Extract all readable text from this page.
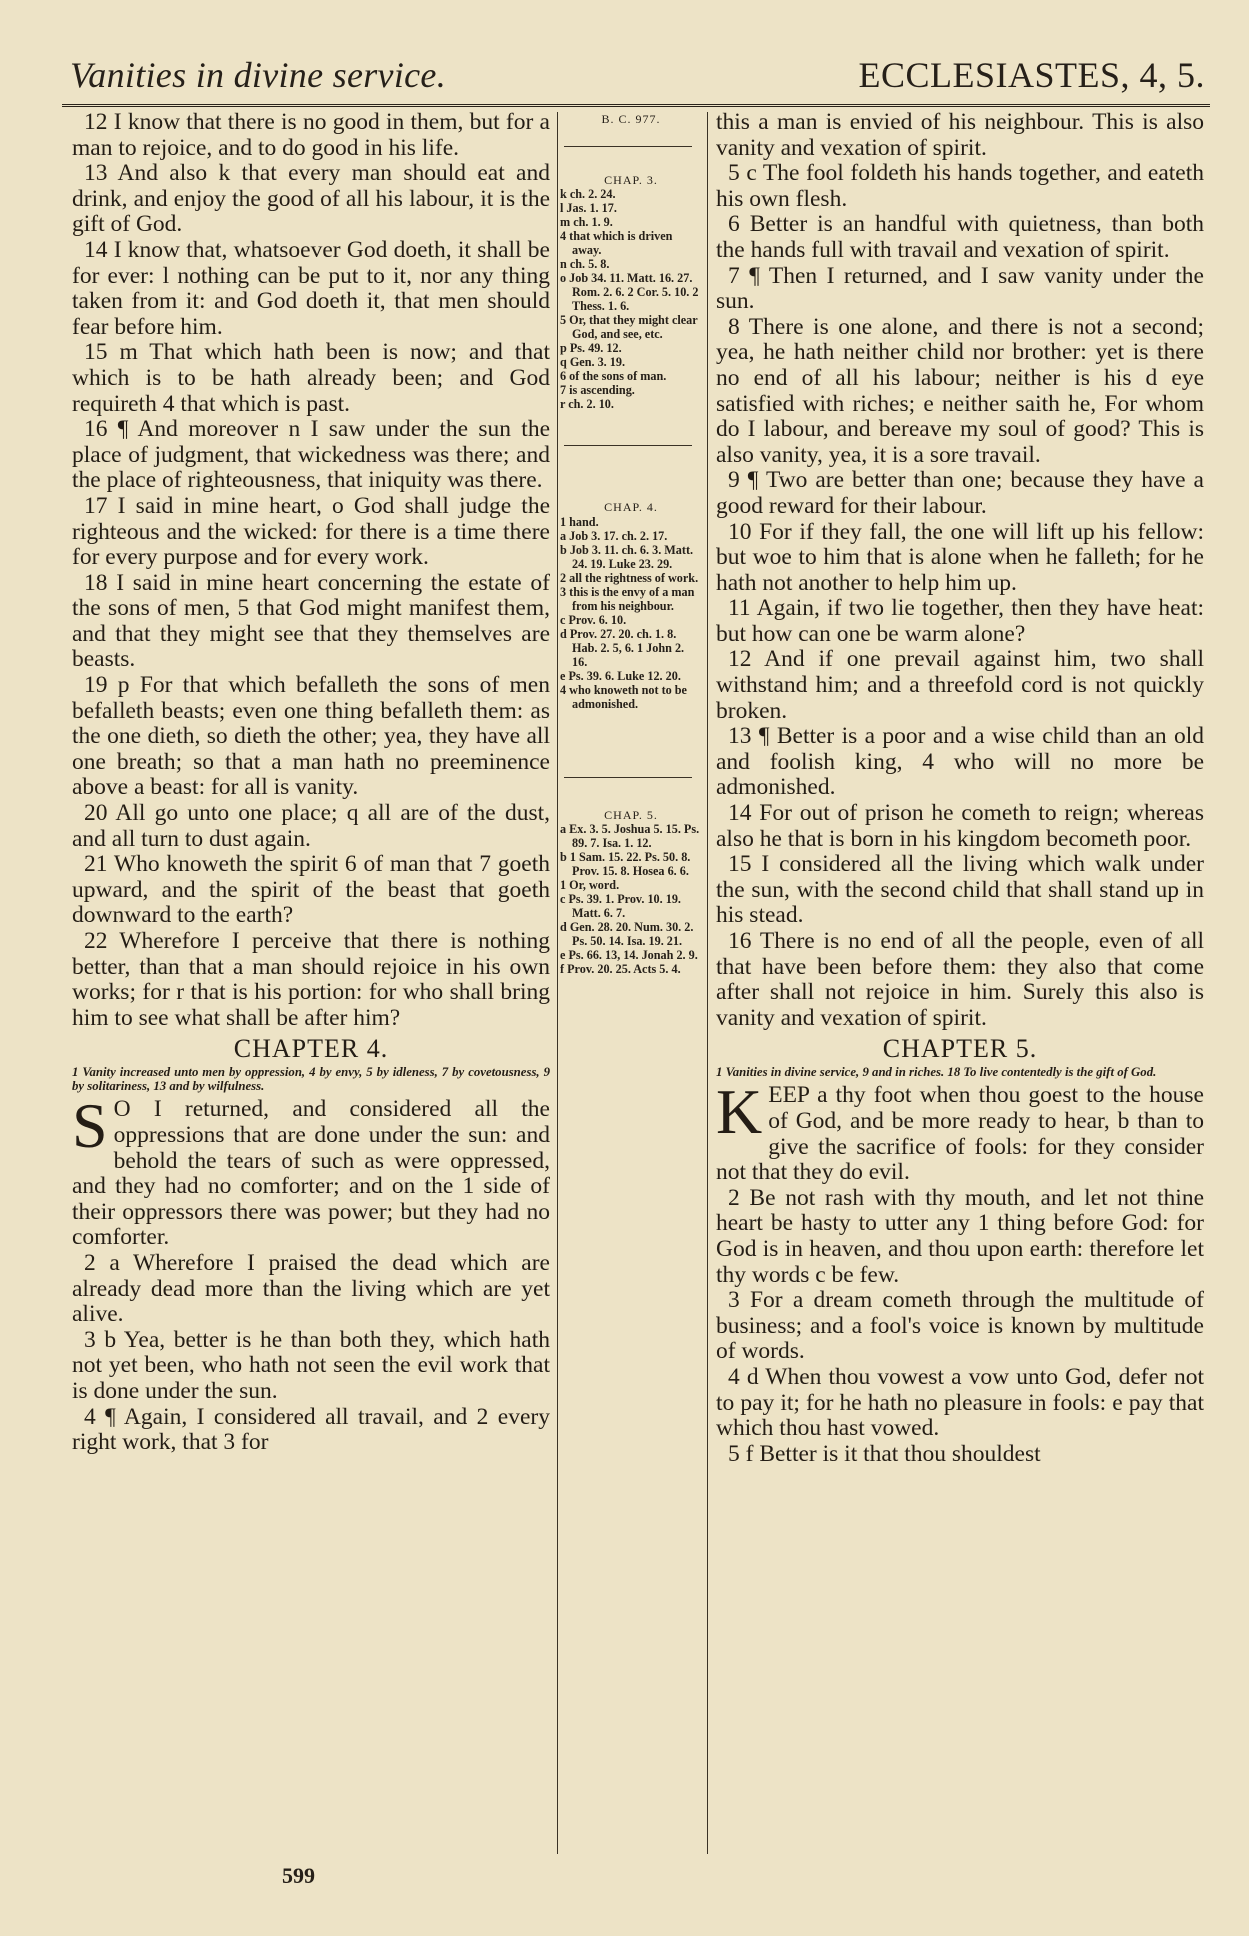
Vanities in divine service.	ECCLESIASTES, 4, 5.

12 I know that there is no good in them, but for a man to rejoice, and to do good in his life.

13 And also k that every man should eat and drink, and enjoy the good of all his labour, it is the gift of God.

14 I know that, whatsoever God doeth, it shall be for ever: l nothing can be put to it, nor any thing taken from it: and God doeth it, that men should fear before him.

15 m That which hath been is now; and that which is to be hath already been; and God requireth 4 that which is past.

16 ¶ And moreover n I saw under the sun the place of judgment, that wickedness was there; and the place of righteousness, that iniquity was there.

17 I said in mine heart, o God shall judge the righteous and the wicked: for there is a time there for every purpose and for every work.

18 I said in mine heart concerning the estate of the sons of men, 5 that God might manifest them, and that they might see that they themselves are beasts.

19 p For that which befalleth the sons of men befalleth beasts; even one thing befalleth them: as the one dieth, so dieth the other; yea, they have all one breath; so that a man hath no preeminence above a beast: for all is vanity.

20 All go unto one place; q all are of the dust, and all turn to dust again.

21 Who knoweth the spirit 6 of man that 7 goeth upward, and the spirit of the beast that goeth downward to the earth?

22 Wherefore I perceive that there is nothing better, than that a man should rejoice in his own works; for r that is his portion: for who shall bring him to see what shall be after him?

CHAPTER 4.

1 Vanity increased unto men by oppression, 4 by envy, 5 by idleness, 7 by covetousness, 9 by solitariness, 13 and by wilfulness.

S O I returned, and considered all the oppressions that are done under the sun: and behold the tears of such as were oppressed, and they had no comforter; and on the 1 side of their oppressors there was power; but they had no comforter.

2 a Wherefore I praised the dead which are already dead more than the living which are yet alive.

3 b Yea, better is he than both they, which hath not yet been, who hath not seen the evil work that is done under the sun.

4 ¶ Again, I considered all travail, and 2 every right work, that 3 for

B. C. 977.
CHAP. 3.

k ch. 2. 24.

l Jas. 1. 17.

m ch. 1. 9.

4 that which is driven away.

n ch. 5. 8.

o Job 34. 11. Matt. 16. 27. Rom. 2. 6. 2 Cor. 5. 10. 2 Thess. 1. 6.

5 Or, that they might clear God, and see, etc.

p Ps. 49. 12.

q Gen. 3. 19.

6 of the sons of man.

7 is ascending.

r ch. 2. 10.

CHAP. 4.

1 hand.

a Job 3. 17. ch. 2. 17.

b Job 3. 11. ch. 6. 3. Matt. 24. 19. Luke 23. 29.

2 all the rightness of work.

3 this is the envy of a man from his neighbour.

c Prov. 6. 10.

d Prov. 27. 20. ch. 1. 8. Hab. 2. 5, 6. 1 John 2. 16.

e Ps. 39. 6. Luke 12. 20.

4 who knoweth not to be admonished.

CHAP. 5.

a Ex. 3. 5. Joshua 5. 15. Ps. 89. 7. Isa. 1. 12.

b 1 Sam. 15. 22. Ps. 50. 8. Prov. 15. 8. Hosea 6. 6.

1 Or, word.

c Ps. 39. 1. Prov. 10. 19. Matt. 6. 7.

d Gen. 28. 20. Num. 30. 2. Ps. 50. 14. Isa. 19. 21.

e Ps. 66. 13, 14. Jonah 2. 9.

f Prov. 20. 25. Acts 5. 4.

this a man is envied of his neighbour. This is also vanity and vexation of spirit.

5 c The fool foldeth his hands together, and eateth his own flesh.

6 Better is an handful with quietness, than both the hands full with travail and vexation of spirit.

7 ¶ Then I returned, and I saw vanity under the sun.

8 There is one alone, and there is not a second; yea, he hath neither child nor brother: yet is there no end of all his labour; neither is his d eye satisfied with riches; e neither saith he, For whom do I labour, and bereave my soul of good? This is also vanity, yea, it is a sore travail.

9 ¶ Two are better than one; because they have a good reward for their labour.

10 For if they fall, the one will lift up his fellow: but woe to him that is alone when he falleth; for he hath not another to help him up.

11 Again, if two lie together, then they have heat: but how can one be warm alone?

12 And if one prevail against him, two shall withstand him; and a threefold cord is not quickly broken.

13 ¶ Better is a poor and a wise child than an old and foolish king, 4 who will no more be admonished.

14 For out of prison he cometh to reign; whereas also he that is born in his kingdom becometh poor.

15 I considered all the living which walk under the sun, with the second child that shall stand up in his stead.

16 There is no end of all the people, even of all that have been before them: they also that come after shall not rejoice in him. Surely this also is vanity and vexation of spirit.

CHAPTER 5.

1 Vanities in divine service, 9 and in riches. 18 To live contentedly is the gift of God.

KEEP a thy foot when thou goest to the house of God, and be more ready to hear, b than to give the sacrifice of fools: for they consider not that they do evil.

2 Be not rash with thy mouth, and let not thine heart be hasty to utter any 1 thing before God: for God is in heaven, and thou upon earth: therefore let thy words c be few.

3 For a dream cometh through the multitude of business; and a fool's voice is known by multitude of words.

4 d When thou vowest a vow unto God, defer not to pay it; for he hath no pleasure in fools: e pay that which thou hast vowed.

5 f Better is it that thou shouldest

599
